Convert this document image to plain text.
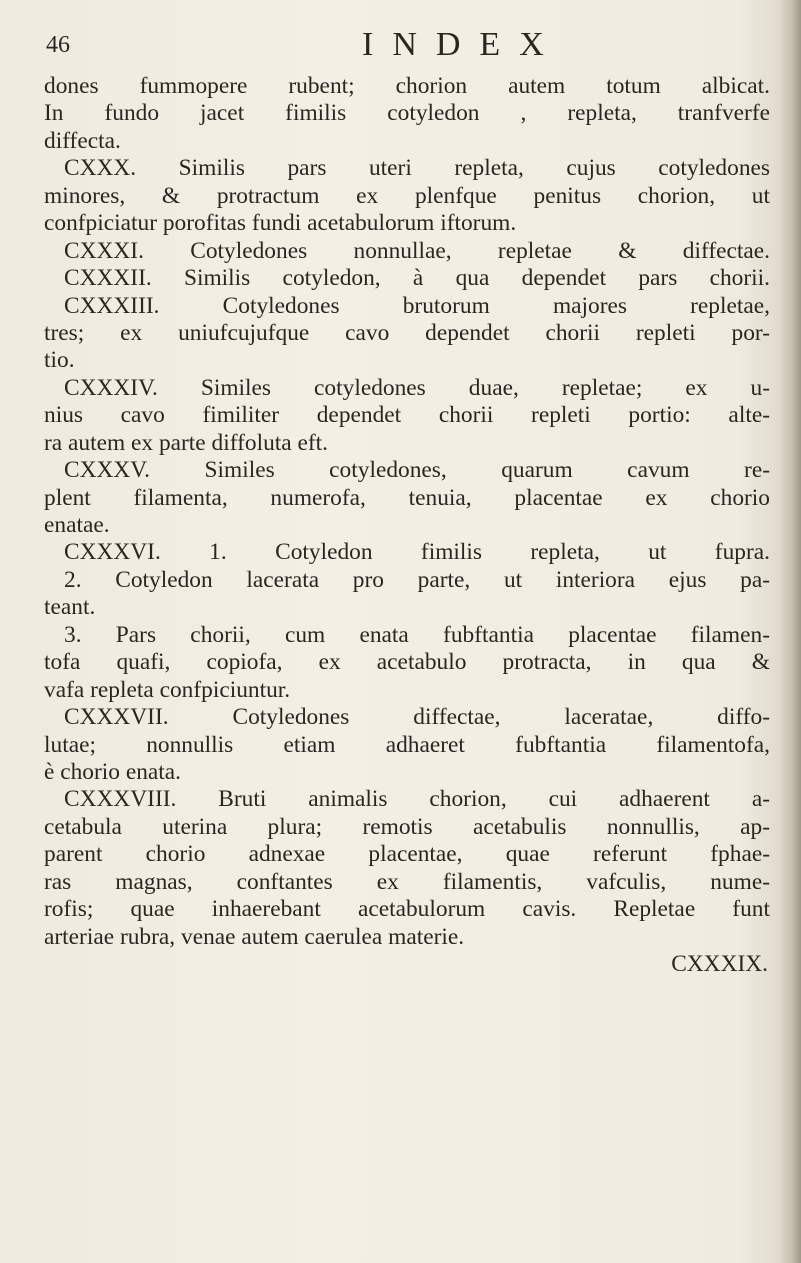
46	INDEX
dones fummopere rubent; chorion autem totum albicat.
In fundo jacet fimilis cotyledon , repleta, tranfverfe
diffecta.
CXXX. Similis pars uteri repleta, cujus cotyledones
minores, & protractum ex plenfque penitus chorion, ut
confpiciatur porofitas fundi acetabulorum iftorum.
CXXXI. Cotyledones nonnullae, repletae & diffectae.
CXXXII. Similis cotyledon, à qua dependet pars chorii.
CXXXIII. Cotyledones brutorum majores repletae,
tres; ex uniufcujufque cavo dependet chorii repleti por-
tio.
CXXXIV. Similes cotyledones duae, repletae; ex u-
nius cavo fimiliter dependet chorii repleti portio: alte-
ra autem ex parte diffoluta eft.
CXXXV. Similes cotyledones, quarum cavum re-
plent filamenta, numerofa, tenuia, placentae ex chorio
enatae.
CXXXVI. 1. Cotyledon fimilis repleta, ut fupra.
2. Cotyledon lacerata pro parte, ut interiora ejus pa-
teant.
3. Pars chorii, cum enata fubftantia placentae filamen-
tofa quafi, copiofa, ex acetabulo protracta, in qua &
vafa repleta confpiciuntur.
CXXXVII. Cotyledones diffectae, laceratae, diffo-
lutae; nonnullis etiam adhaeret fubftantia filamentofa,
è chorio enata.
CXXXVIII. Bruti animalis chorion, cui adhaerent a-
cetabula uterina plura; remotis acetabulis nonnullis, ap-
parent chorio adnexae placentae, quae referunt fphae-
ras magnas, conftantes ex filamentis, vafculis, nume-
rofis; quae inhaerebant acetabulorum cavis. Repletae funt
arteriae rubra, venae autem caerulea materie.
CXXXIX.
